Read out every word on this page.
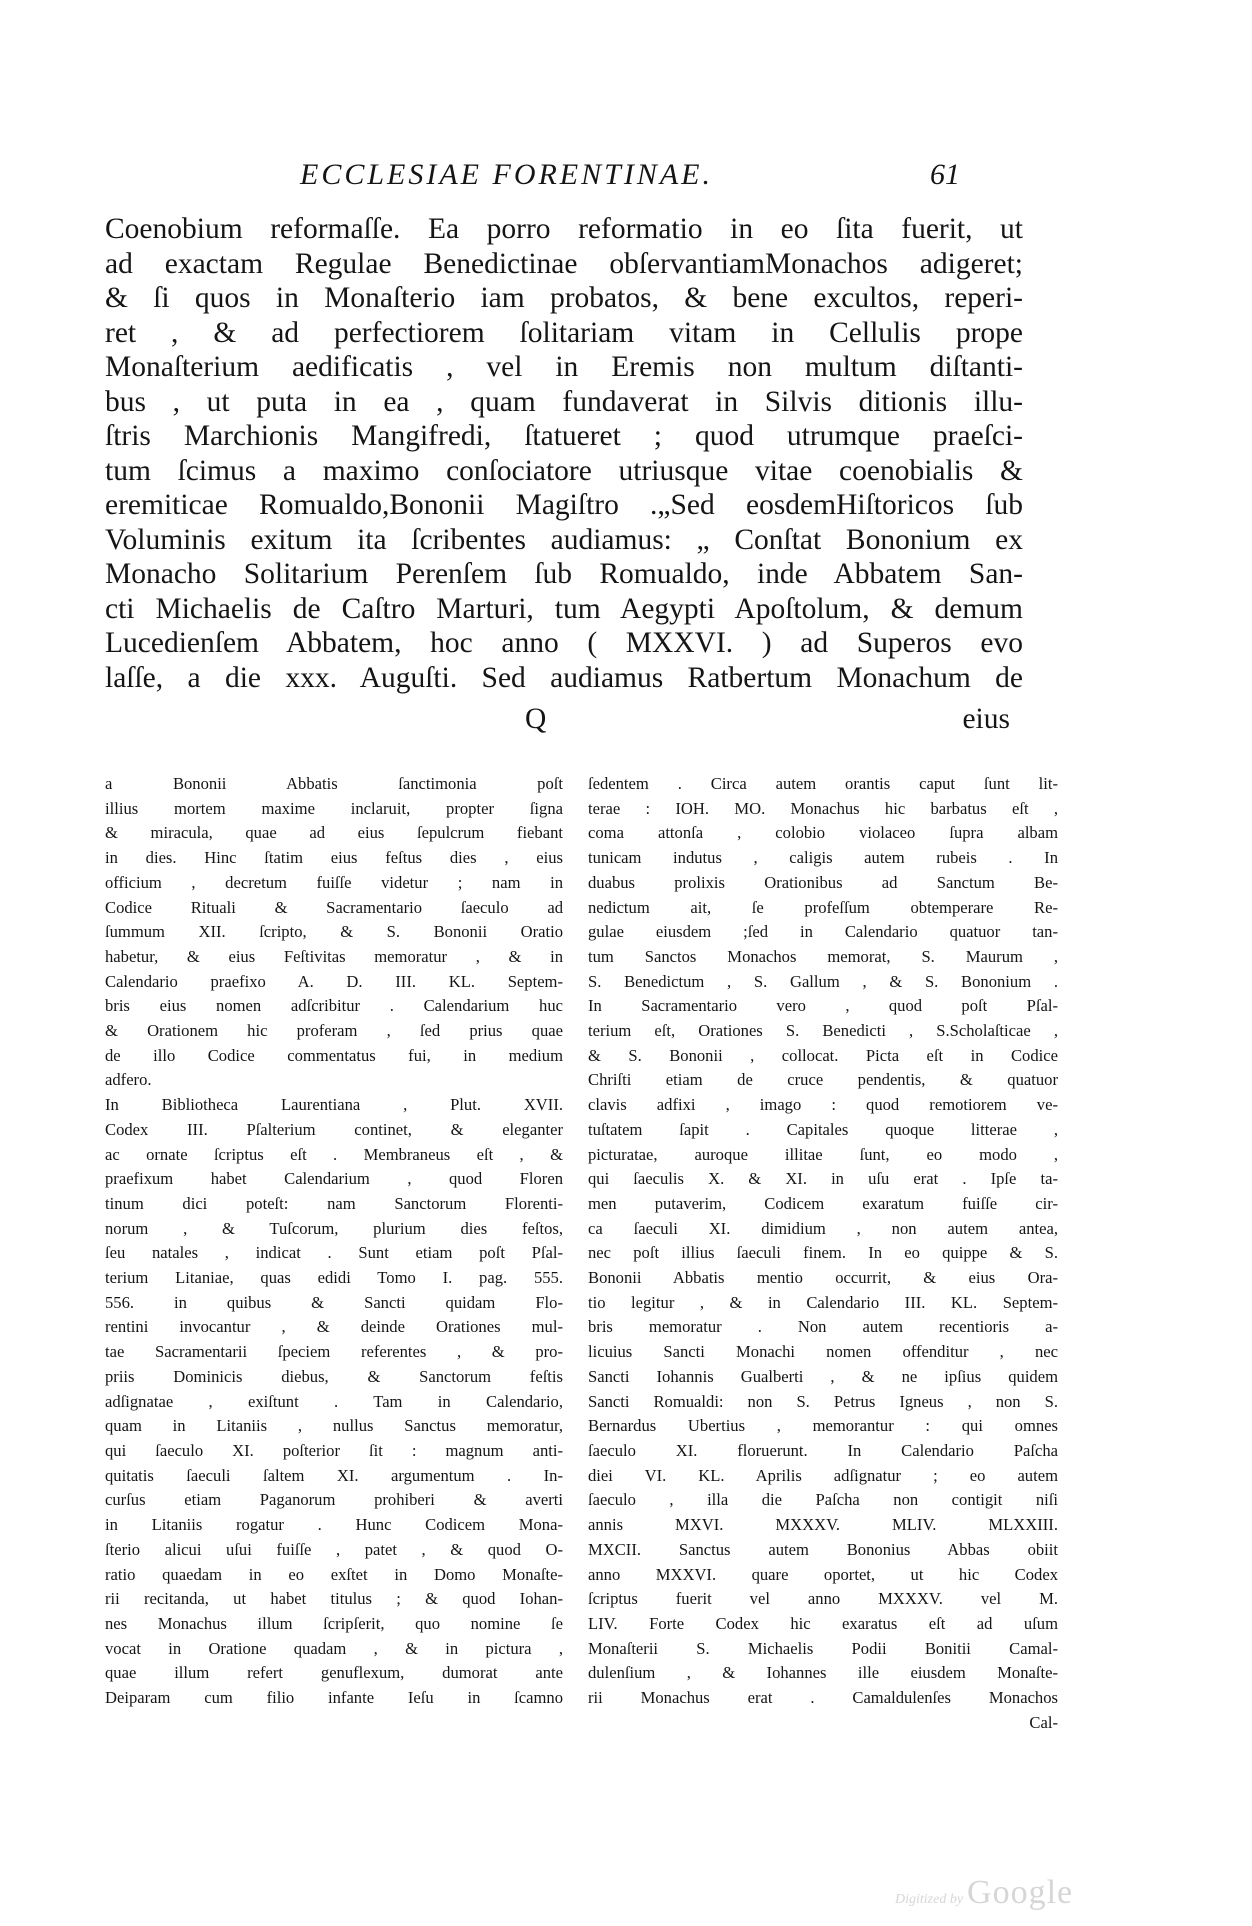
ECCLESIAE FORENTINAE.	61
Coenobium reformaſſe. Ea porro reformatio in eo ſita fuerit, ut
ad exactam Regulae Benedictinae obſervantiamMonachos adigeret;
& ſi quos in Monaſterio iam probatos, & bene excultos, reperi-
ret , & ad perfectiorem ſolitariam vitam in Cellulis prope
Monaſterium aedificatis , vel in Eremis non multum diſtanti-
bus , ut puta in ea , quam fundaverat in Silvis ditionis illu-
ſtris Marchionis Mangifredi, ſtatueret ; quod utrumque praeſci-
tum ſcimus a maximo conſociatore utriusque vitae coenobialis &
eremiticae Romualdo,Bononii Magiſtro .„Sed eosdemHiſtoricos ſub
Voluminis exitum ita ſcribentes audiamus: „ Conſtat Bononium ex
Monacho Solitarium Perenſem ſub Romualdo, inde Abbatem San-
cti Michaelis de Caſtro Marturi, tum Aegypti Apoſtolum, & demum
Lucedienſem Abbatem, hoc anno ( MXXVI. ) ad Superos evo
laſſe, a die xxx. Auguſti. Sed audiamus Ratbertum Monachum de
Q	eius
a Bononii Abbatis ſanctimonia poſt
illius mortem maxime inclaruit, propter ſigna
& miracula, quae ad eius ſepulcrum fiebant
in dies. Hinc ſtatim eius feſtus dies , eius
officium , decretum fuiſſe videtur ; nam in
Codice Rituali & Sacramentario ſaeculo ad
ſummum XII. ſcripto, & S. Bononii Oratio
habetur, & eius Feſtivitas memoratur , & in
Calendario praefixo A. D. III. KL. Septem-
bris eius nomen adſcribitur . Calendarium huc
& Orationem hic proferam , ſed prius quae
de illo Codice commentatus fui, in medium
adfero.
In Bibliotheca Laurentiana , Plut. XVII.
Codex III. Pſalterium continet, & eleganter
ac ornate ſcriptus eſt . Membraneus eſt , &
praefixum habet Calendarium , quod Floren
tinum dici poteſt: nam Sanctorum Florenti-
norum , & Tuſcorum, plurium dies feſtos,
ſeu natales , indicat . Sunt etiam poſt Pſal-
terium Litaniae, quas edidi Tomo I. pag. 555.
556. in quibus & Sancti quidam Flo-
rentini invocantur , & deinde Orationes mul-
tae Sacramentarii ſpeciem referentes , & pro-
priis Dominicis diebus, & Sanctorum feſtis
adſignatae , exiſtunt . Tam in Calendario,
quam in Litaniis , nullus Sanctus memoratur,
qui ſaeculo XI. poſterior ſit : magnum anti-
quitatis ſaeculi ſaltem XI. argumentum . In-
curſus etiam Paganorum prohiberi & averti
in Litaniis rogatur . Hunc Codicem Mona-
ſterio alicui uſui fuiſſe , patet , & quod O-
ratio quaedam in eo exſtet in Domo Monaſte-
rii recitanda, ut habet titulus ; & quod Iohan-
nes Monachus illum ſcripſerit, quo nomine ſe
vocat in Oratione quadam , & in pictura ,
quae illum refert genuflexum, dumorat ante
Deiparam cum filio infante Ieſu in ſcamno
ſedentem . Circa autem orantis caput ſunt lit-
terae : IOH. MO. Monachus hic barbatus eſt ,
coma attonſa , colobio violaceo ſupra albam
tunicam indutus , caligis autem rubeis . In
duabus prolixis Orationibus ad Sanctum Be-
nedictum ait, ſe profeſſum obtemperare Re-
gulae eiusdem ;ſed in Calendario quatuor tan-
tum Sanctos Monachos memorat, S. Maurum ,
S. Benedictum , S. Gallum , & S. Bononium .
In Sacramentario vero , quod poſt Pſal-
terium eſt, Orationes S. Benedicti , S.Scholaſticae ,
& S. Bononii , collocat. Picta eſt in Codice
Chriſti etiam de cruce pendentis, & quatuor
clavis adfixi , imago : quod remotiorem ve-
tuſtatem ſapit . Capitales quoque litterae ,
picturatae, auroque illitae ſunt, eo modo ,
qui ſaeculis X. & XI. in uſu erat . Ipſe ta-
men putaverim, Codicem exaratum fuiſſe cir-
ca ſaeculi XI. dimidium , non autem antea,
nec poſt illius ſaeculi finem. In eo quippe & S.
Bononii Abbatis mentio occurrit, & eius Ora-
tio legitur , & in Calendario III. KL. Septem-
bris memoratur . Non autem recentioris a-
licuius Sancti Monachi nomen offenditur , nec
Sancti Iohannis Gualberti , & ne ipſius quidem
Sancti Romualdi: non S. Petrus Igneus , non S.
Bernardus Ubertius , memorantur : qui omnes
ſaeculo XI. floruerunt. In Calendario Paſcha
diei VI. KL. Aprilis adſignatur ; eo autem
ſaeculo , illa die Paſcha non contigit niſi
annis MXVI. MXXXV. MLIV. MLXXIII.
MXCII. Sanctus autem Bononius Abbas obiit
anno MXXVI. quare oportet, ut hic Codex
ſcriptus fuerit vel anno MXXXV. vel M.
LIV. Forte Codex hic exaratus eſt ad uſum
Monaſterii S. Michaelis Podii Bonitii Camal-
dulenſium , & Iohannes ille eiusdem Monaſte-
rii Monachus erat . Camaldulenſes Monachos
Cal-
Digitized by Google
